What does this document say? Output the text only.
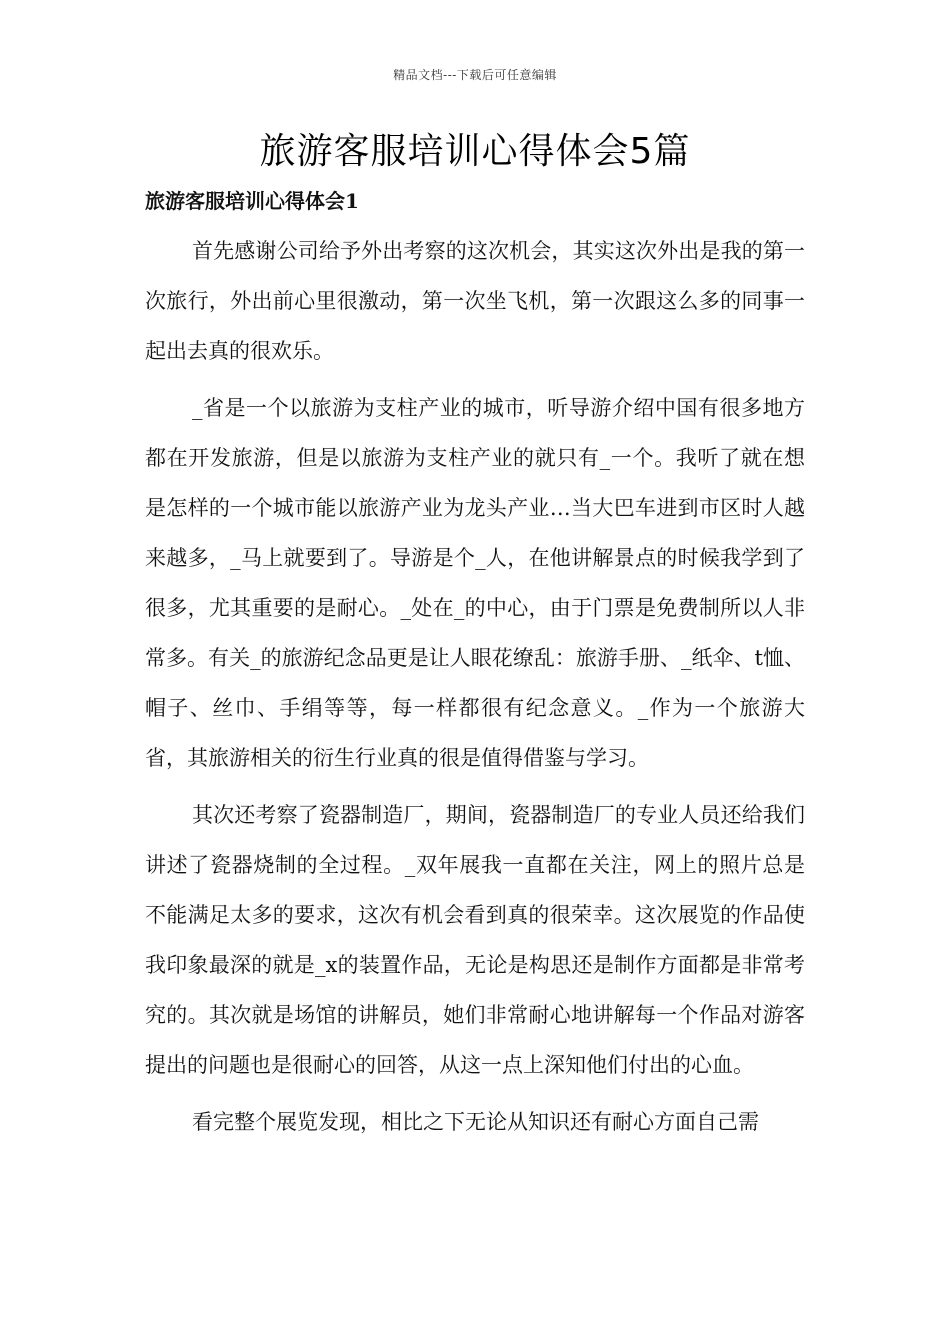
精品文档---下载后可任意编辑
旅游客服培训心得体会5篇
旅游客服培训心得体会1

首先感谢公司给予外出考察的这次机会，其实这次外出是我的第一次旅行，外出前心里很激动，第一次坐飞机，第一次跟这么多的同事一起出去真的很欢乐。

_省是一个以旅游为支柱产业的城市，听导游介绍中国有很多地方都在开发旅游，但是以旅游为支柱产业的就只有_一个。我听了就在想是怎样的一个城市能以旅游产业为龙头产业…当大巴车进到市区时人越来越多，_马上就要到了。导游是个_人，在他讲解景点的时候我学到了很多，尤其重要的是耐心。_处在_的中心，由于门票是免费制所以人非常多。有关_的旅游纪念品更是让人眼花缭乱：旅游手册、_纸伞、t恤、帽子、丝巾、手绢等等，每一样都很有纪念意义。_作为一个旅游大省，其旅游相关的衍生行业真的很是值得借鉴与学习。

其次还考察了瓷器制造厂，期间，瓷器制造厂的专业人员还给我们讲述了瓷器烧制的全过程。_双年展我一直都在关注，网上的照片总是不能满足太多的要求，这次有机会看到真的很荣幸。这次展览的作品使我印象最深的就是_x的装置作品，无论是构思还是制作方面都是非常考究的。其次就是场馆的讲解员，她们非常耐心地讲解每一个作品对游客提出的问题也是很耐心的回答，从这一点上深知他们付出的心血。

看完整个展览发现，相比之下无论从知识还有耐心方面自己需
